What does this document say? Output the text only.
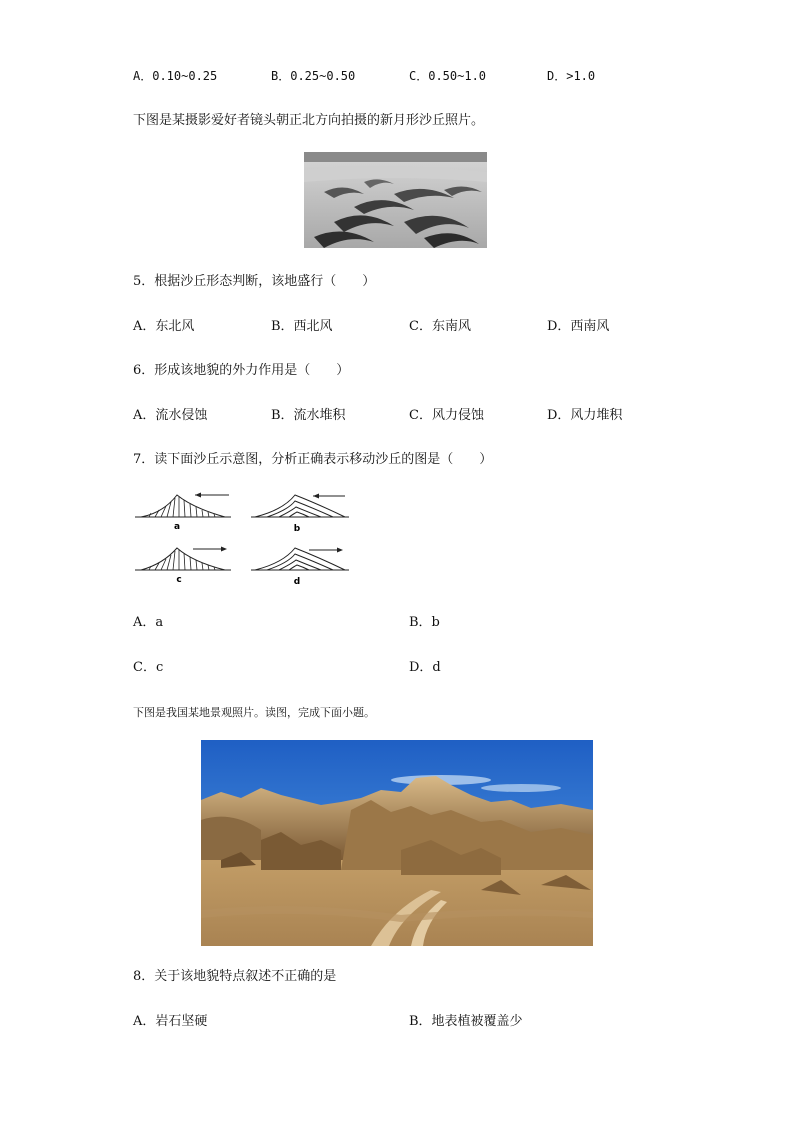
A．0.10~0.25	B．0.25~0.50	C．0.50~1.0	D．>1.0
下图是某摄影爱好者镜头朝正北方向拍摄的新月形沙丘照片。
5．根据沙丘形态判断，该地盛行（　　）
A．东北风	B．西北风	C．东南风	D．西南风
6．形成该地貌的外力作用是（　　）
A．流水侵蚀	B．流水堆积	C．风力侵蚀	D．风力堆积
7．读下面沙丘示意图，分析正确表示移动沙丘的图是（　　）
a	b
c	d
A．a	B．b
C．c	D．d
下图是我国某地景观照片。读图，完成下面小题。
8．关于该地貌特点叙述不正确的是
A．岩石坚硬	B．地表植被覆盖少
